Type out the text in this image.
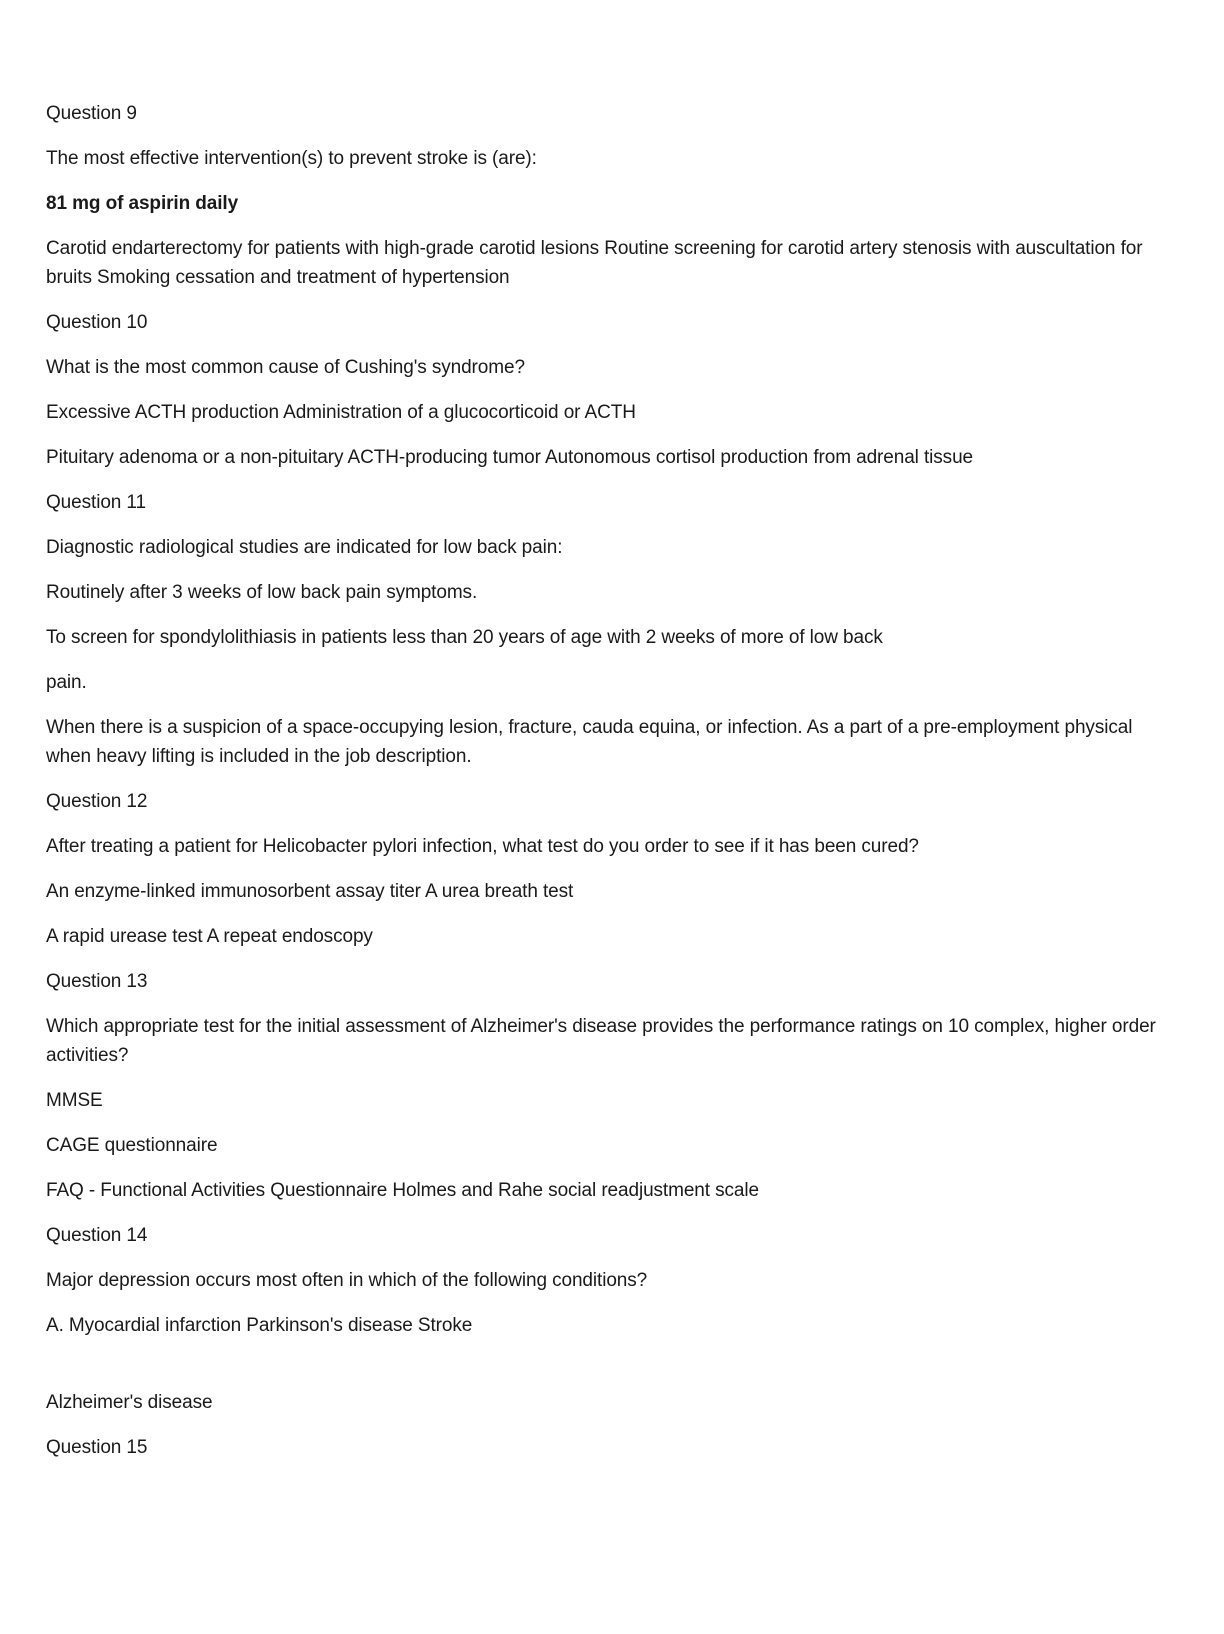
Question 9

The most effective intervention(s) to prevent stroke is (are):

81 mg of aspirin daily

Carotid endarterectomy for patients with high-grade carotid lesions Routine screening for carotid artery stenosis with auscultation for bruits Smoking cessation and treatment of hypertension

Question 10

What is the most common cause of Cushing's syndrome?

Excessive ACTH production Administration of a glucocorticoid or ACTH

Pituitary adenoma or a non-pituitary ACTH-producing tumor Autonomous cortisol production from adrenal tissue

Question 11

Diagnostic radiological studies are indicated for low back pain:

Routinely after 3 weeks of low back pain symptoms.

To screen for spondylolithiasis in patients less than 20 years of age with 2 weeks of more of low back

pain.

When there is a suspicion of a space-occupying lesion, fracture, cauda equina, or infection. As a part of a pre-employment physical when heavy lifting is included in the job description.

Question 12

After treating a patient for Helicobacter pylori infection, what test do you order to see if it has been cured?

An enzyme-linked immunosorbent assay titer A urea breath test

A rapid urease test A repeat endoscopy

Question 13

Which appropriate test for the initial assessment of Alzheimer's disease provides the performance ratings on 10 complex, higher order activities?

MMSE

CAGE questionnaire

FAQ - Functional Activities Questionnaire Holmes and Rahe social readjustment scale

Question 14

Major depression occurs most often in which of the following conditions?

A. Myocardial infarction Parkinson's disease Stroke

Alzheimer's disease

Question 15
